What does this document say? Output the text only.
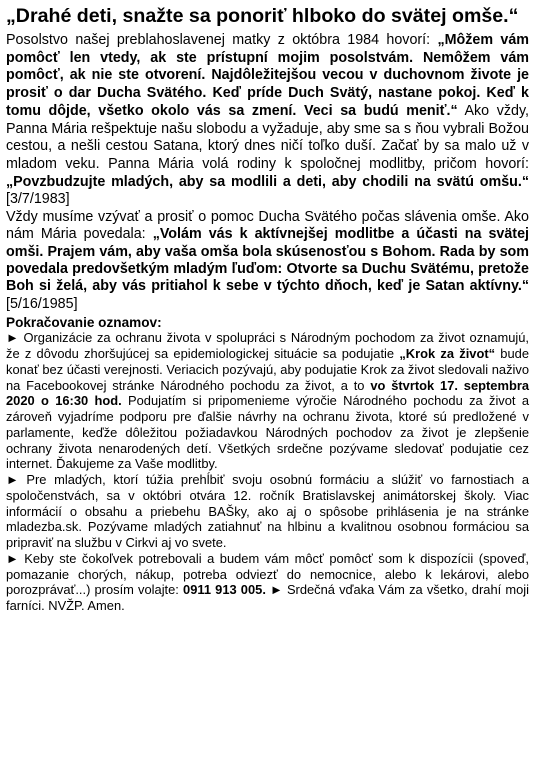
„Drahé deti, snažte sa ponoriť hlboko do svätej omše.“

Posolstvo našej preblahoslavenej matky z októbra 1984 hovorí: „Môžem vám pomôcť len vtedy, ak ste prístupní mojim posolstvám. Nemôžem vám pomôcť, ak nie ste otvorení. Najdôležitejšou vecou v duchovnom živote je prosiť o dar Ducha Svätého. Keď príde Duch Svätý, nastane pokoj. Keď k tomu dôjde, všetko okolo vás sa zmení. Veci sa budú meniť.“ Ako vždy, Panna Mária rešpektuje našu slobodu a vyžaduje, aby sme sa s ňou vybrali Božou cestou, a nešli cestou Satana, ktorý dnes ničí toľko duší. Začať by sa malo už v mladom veku. Panna Mária volá rodiny k spoločnej modlitby, pričom hovorí: „Povzbudzujte mladých, aby sa modlili a deti, aby chodili na svätú omšu.“ [3/7/1983]

Vždy musíme vzývať a prosiť o pomoc Ducha Svätého počas slávenia omše. Ako nám Mária povedala: „Volám vás k aktívnejšej modlitbe a účasti na svätej omši. Prajem vám, aby vaša omša bola skúsenosťou s Bohom. Rada by som povedala predovšetkým mladým ľuďom: Otvorte sa Duchu Svätému, pretože Boh si želá, aby vás pritiahol k sebe v týchto dňoch, keď je Satan aktívny.“ [5/16/1985]

Pokračovanie oznamov:

► Organizácie za ochranu života v spolupráci s Národným pochodom za život oznamujú, že z dôvodu zhoršujúcej sa epidemiologickej situácie sa podujatie „Krok za život“ bude konať bez účasti verejnosti. Veriacich pozývajú, aby podujatie Krok za život sledovali naživo na Facebookovej stránke Národného pochodu za život, a to vo štvrtok 17. septembra 2020 o 16:30 hod. Podujatím si pripomenieme výročie Národného pochodu za život a zároveň vyjadríme podporu pre ďalšie návrhy na ochranu života, ktoré sú predložené v parlamente, keďže dôležitou požiadavkou Národných pochodov za život je zlepšenie ochrany života nenarodených detí. Všetkých srdečne pozývame sledovať podujatie cez internet. Ďakujeme za Vaše modlitby.

► Pre mladých, ktorí túžia prehĺbiť svoju osobnú formáciu a slúžiť vo farnostiach a spoločenstvách, sa v októbri otvára 12. ročník Bratislavskej animátorskej školy. Viac informácií o obsahu a priebehu BAŠky, ako aj o spôsobe prihlásenia je na stránke mladezba.sk. Pozývame mladých zatiahnuť na hlbinu a kvalitnou osobnou formáciou sa pripraviť na službu v Cirkvi aj vo svete.

► Keby ste čokoľvek potrebovali a budem vám môcť pomôcť som k dispozícii (spoveď, pomazanie chorých, nákup, potreba odviezť do nemocnice, alebo k lekárovi, alebo porozprávať...) prosím volajte: 0911 913 005. ► Srdečná vďaka Vám za všetko, drahí moji farníci. NVŽP. Amen.
